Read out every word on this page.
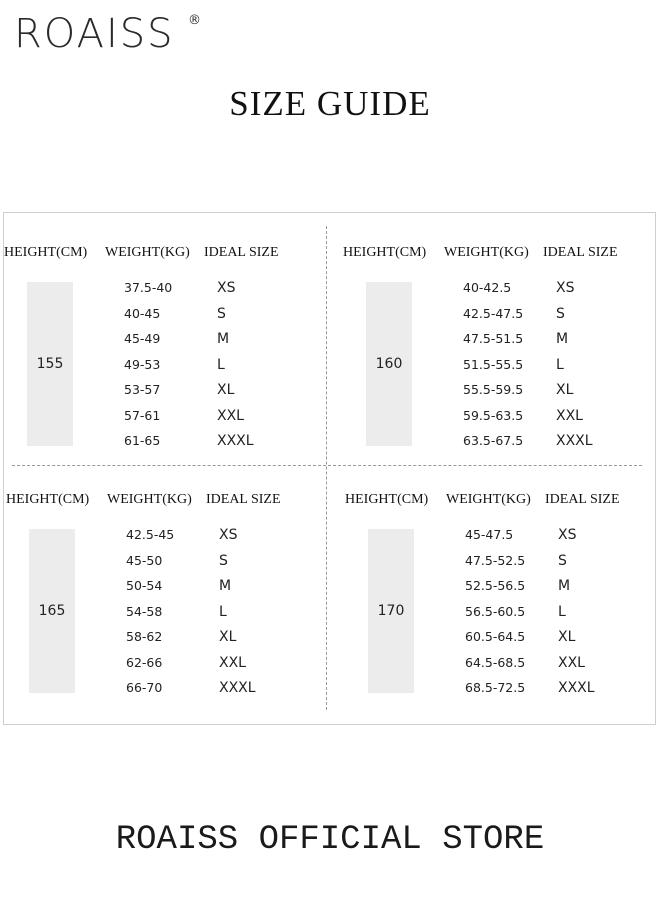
ROAISS ®
SIZE GUIDE
HEIGHT(CM) WEIGHT(KG) IDEAL SIZE
155
37.5-40	XS
40-45	S
45-49	M
49-53	L
53-57	XL
57-61	XXL
61-65	XXXL
HEIGHT(CM) WEIGHT(KG) IDEAL SIZE
160
40-42.5	XS
42.5-47.5 S
47.5-51.5 M
51.5-55.5 L
55.5-59.5 XL
59.5-63.5 XXL
63.5-67.5 XXXL
HEIGHT(CM) WEIGHT(KG) IDEAL SIZE
165
42.5-45	XS
45-50	S
50-54	M
54-58	L
58-62	XL
62-66	XXL
66-70	XXXL
HEIGHT(CM) WEIGHT(KG) IDEAL SIZE
170
45-47.5	XS
47.5-52.5 S
52.5-56.5 M
56.5-60.5 L
60.5-64.5 XL
64.5-68.5 XXL
68.5-72.5 XXXL
ROAISS OFFICIAL STORE
